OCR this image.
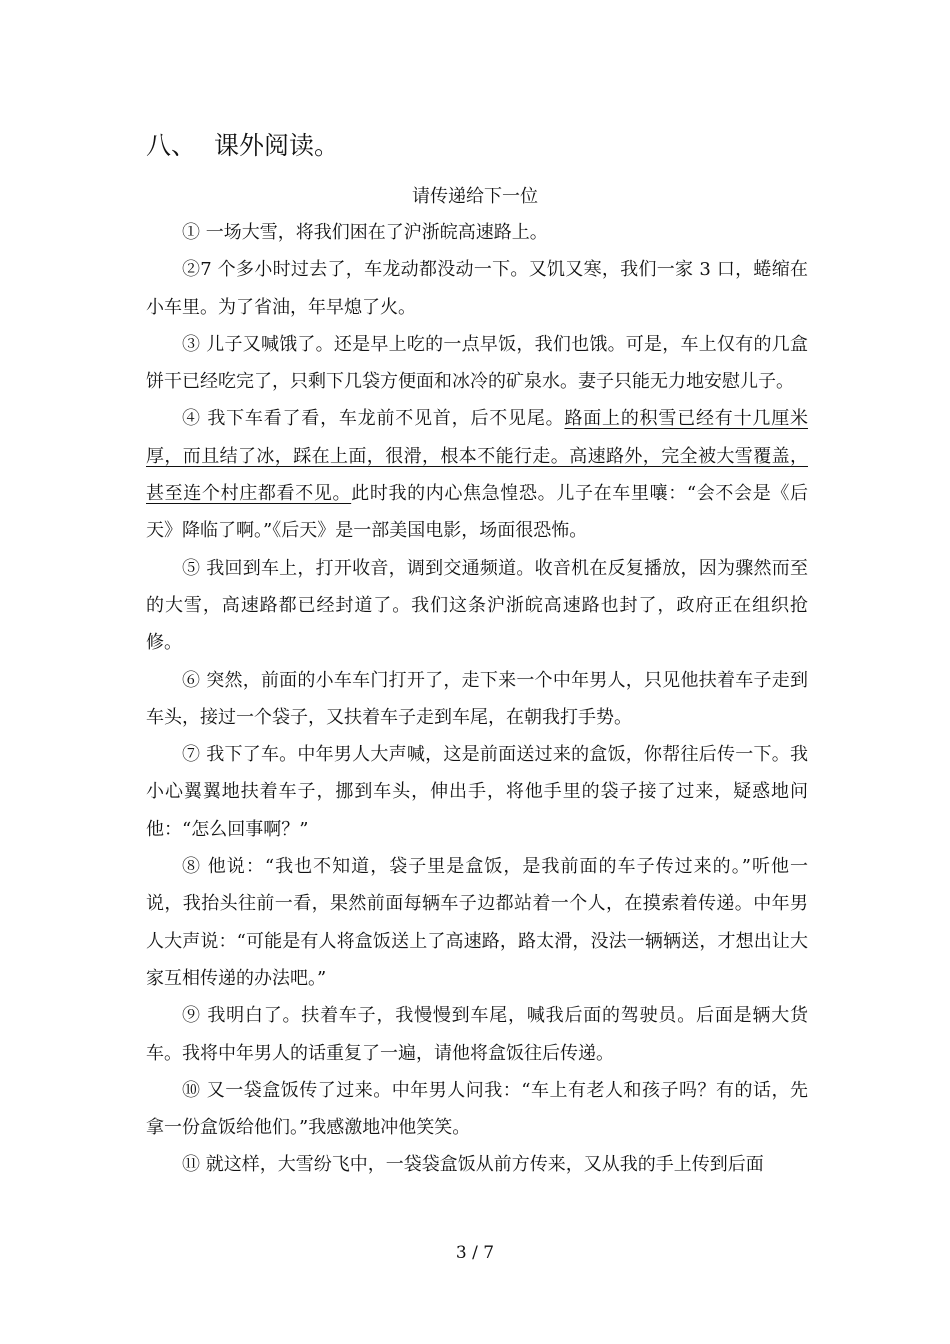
八、 课外阅读。
请传递给下一位

① 一场大雪，将我们困在了沪浙皖高速路上。

②7 个多小时过去了，车龙动都没动一下。又饥又寒，我们一家 3 口，蜷缩在小车里。为了省油，年早熄了火。

③ 儿子又喊饿了。还是早上吃的一点早饭，我们也饿。可是，车上仅有的几盒饼干已经吃完了，只剩下几袋方便面和冰冷的矿泉水。妻子只能无力地安慰儿子。

④ 我下车看了看，车龙前不见首，后不见尾。路面上的积雪已经有十几厘米厚，而且结了冰，踩在上面，很滑，根本不能行走。高速路外，完全被大雪覆盖，甚至连个村庄都看不见。此时我的内心焦急惶恐。儿子在车里嚷：“会不会是《后天》降临了啊。”《后天》是一部美国电影，场面很恐怖。

⑤ 我回到车上，打开收音，调到交通频道。收音机在反复播放，因为骤然而至的大雪，高速路都已经封道了。我们这条沪浙皖高速路也封了，政府正在组织抢修。

⑥ 突然，前面的小车车门打开了，走下来一个中年男人，只见他扶着车子走到车头，接过一个袋子，又扶着车子走到车尾，在朝我打手势。

⑦ 我下了车。中年男人大声喊，这是前面送过来的盒饭，你帮往后传一下。我小心翼翼地扶着车子，挪到车头，伸出手，将他手里的袋子接了过来，疑惑地问他：“怎么回事啊？”

⑧ 他说：“我也不知道，袋子里是盒饭，是我前面的车子传过来的。”听他一说，我抬头往前一看，果然前面每辆车子边都站着一个人，在摸索着传递。中年男人大声说：“可能是有人将盒饭送上了高速路，路太滑，没法一辆辆送，才想出让大家互相传递的办法吧。”

⑨ 我明白了。扶着车子，我慢慢到车尾，喊我后面的驾驶员。后面是辆大货车。我将中年男人的话重复了一遍，请他将盒饭往后传递。

⑩ 又一袋盒饭传了过来。中年男人问我：“车上有老人和孩子吗？有的话，先拿一份盒饭给他们。”我感激地冲他笑笑。

⑪ 就这样，大雪纷飞中，一袋袋盒饭从前方传来，又从我的手上传到后面

3 / 7
